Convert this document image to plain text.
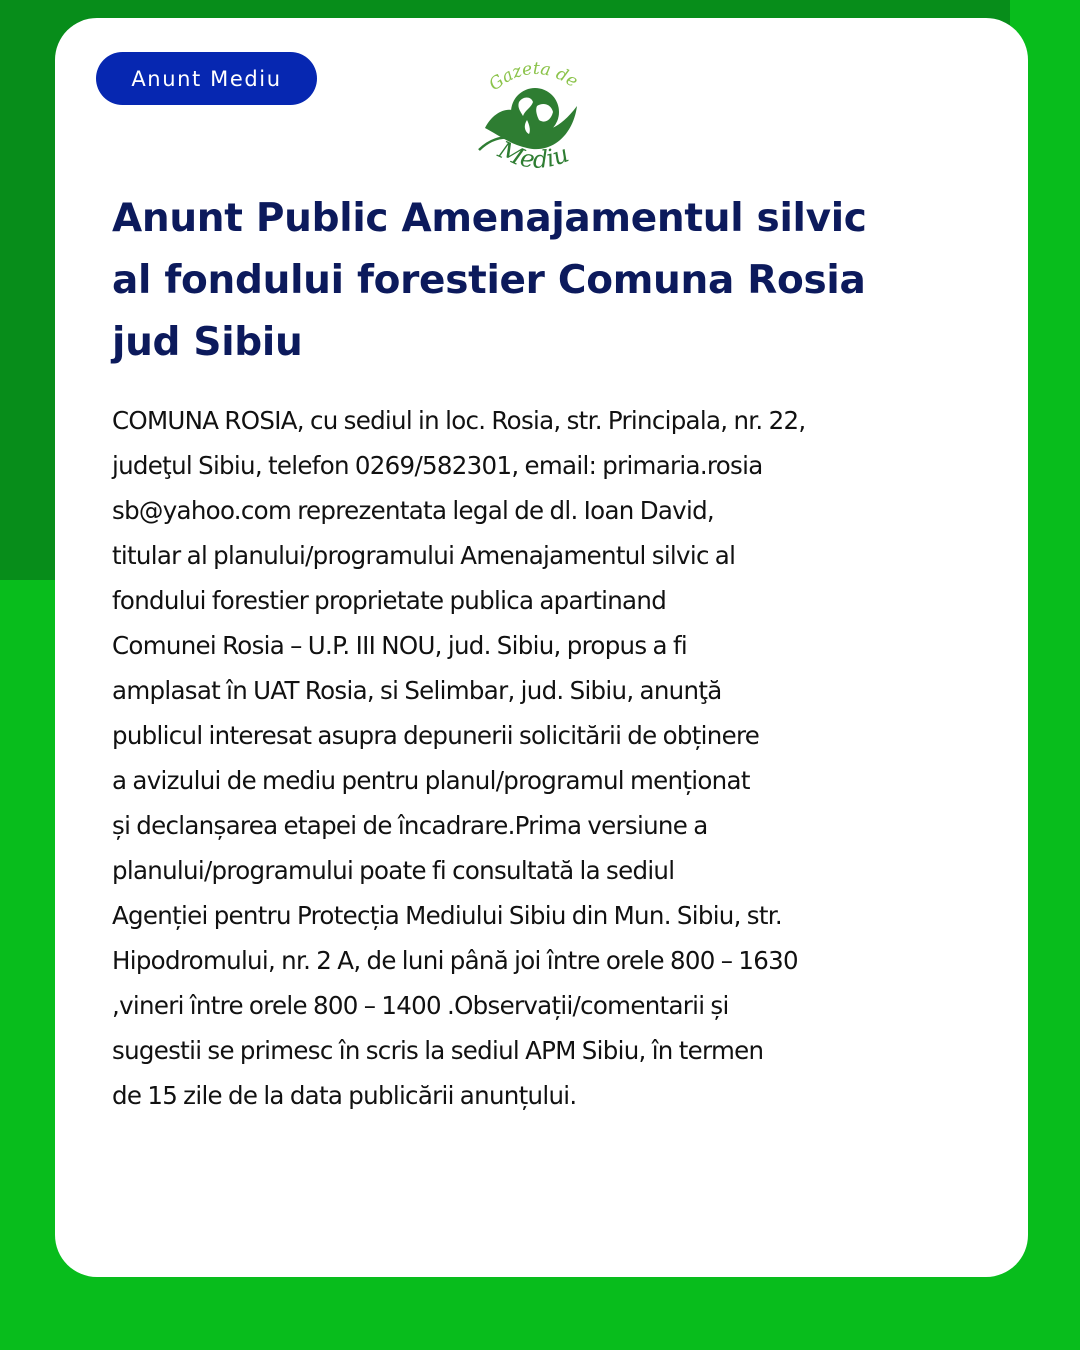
Anunt Mediu	Gazeta de
Mediu
Anunt Public Amenajamentul silvic
al fondului forestier Comuna Rosia
jud Sibiu

COMUNA ROSIA, cu sediul in loc. Rosia, str. Principala, nr. 22,
judeţul Sibiu, telefon 0269/582301, email: primaria.rosia
sb@yahoo.com reprezentata legal de dl. Ioan David,
titular al planului/programului Amenajamentul silvic al
fondului forestier proprietate publica apartinand
Comunei Rosia – U.P. III NOU, jud. Sibiu, propus a fi
amplasat în UAT Rosia, si Selimbar, jud. Sibiu, anunţă
publicul interesat asupra depunerii solicitării de obținere
a avizului de mediu pentru planul/programul menționat
și declanșarea etapei de încadrare.Prima versiune a
planului/programului poate fi consultată la sediul
Agenției pentru Protecția Mediului Sibiu din Mun. Sibiu, str.
Hipodromului, nr. 2 A, de luni până joi între orele 800 – 1630
,vineri între orele 800 – 1400 .Observații/comentarii și
sugestii se primesc în scris la sediul APM Sibiu, în termen
de 15 zile de la data publicării anunțului.
